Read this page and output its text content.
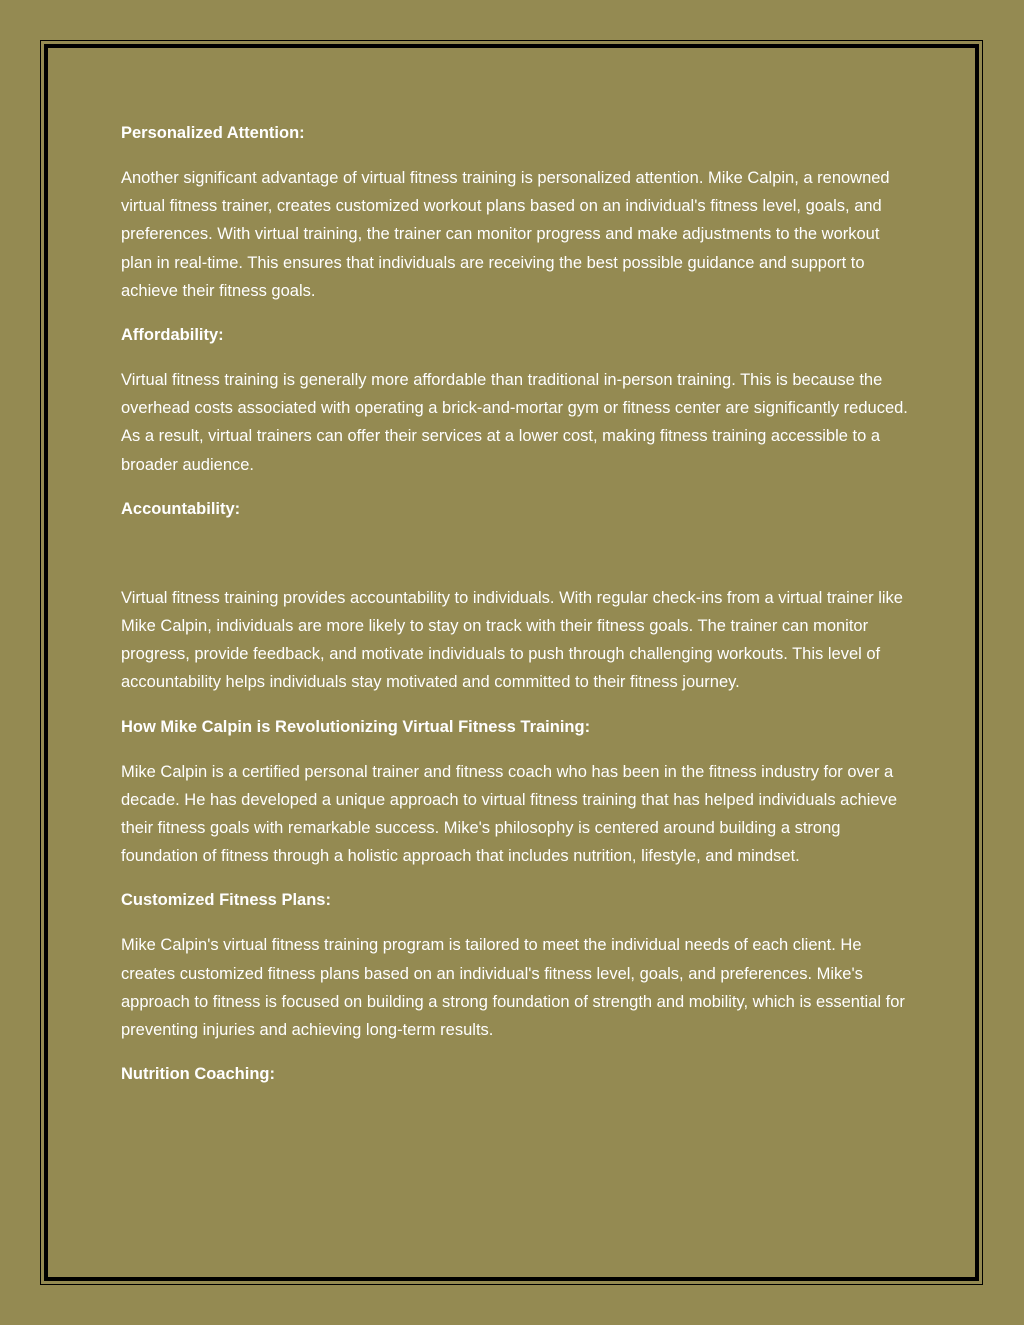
Personalized Attention:
Another significant advantage of virtual fitness training is personalized attention. Mike Calpin, a renowned virtual fitness trainer, creates customized workout plans based on an individual's fitness level, goals, and preferences. With virtual training, the trainer can monitor progress and make adjustments to the workout plan in real-time. This ensures that individuals are receiving the best possible guidance and support to achieve their fitness goals.
Affordability:
Virtual fitness training is generally more affordable than traditional in-person training. This is because the overhead costs associated with operating a brick-and-mortar gym or fitness center are significantly reduced. As a result, virtual trainers can offer their services at a lower cost, making fitness training accessible to a broader audience.
Accountability:
Virtual fitness training provides accountability to individuals. With regular check-ins from a virtual trainer like Mike Calpin, individuals are more likely to stay on track with their fitness goals. The trainer can monitor progress, provide feedback, and motivate individuals to push through challenging workouts. This level of accountability helps individuals stay motivated and committed to their fitness journey.
How Mike Calpin is Revolutionizing Virtual Fitness Training:
Mike Calpin is a certified personal trainer and fitness coach who has been in the fitness industry for over a decade. He has developed a unique approach to virtual fitness training that has helped individuals achieve their fitness goals with remarkable success. Mike's philosophy is centered around building a strong foundation of fitness through a holistic approach that includes nutrition, lifestyle, and mindset.
Customized Fitness Plans:
Mike Calpin's virtual fitness training program is tailored to meet the individual needs of each client. He creates customized fitness plans based on an individual's fitness level, goals, and preferences. Mike's approach to fitness is focused on building a strong foundation of strength and mobility, which is essential for preventing injuries and achieving long-term results.
Nutrition Coaching:
